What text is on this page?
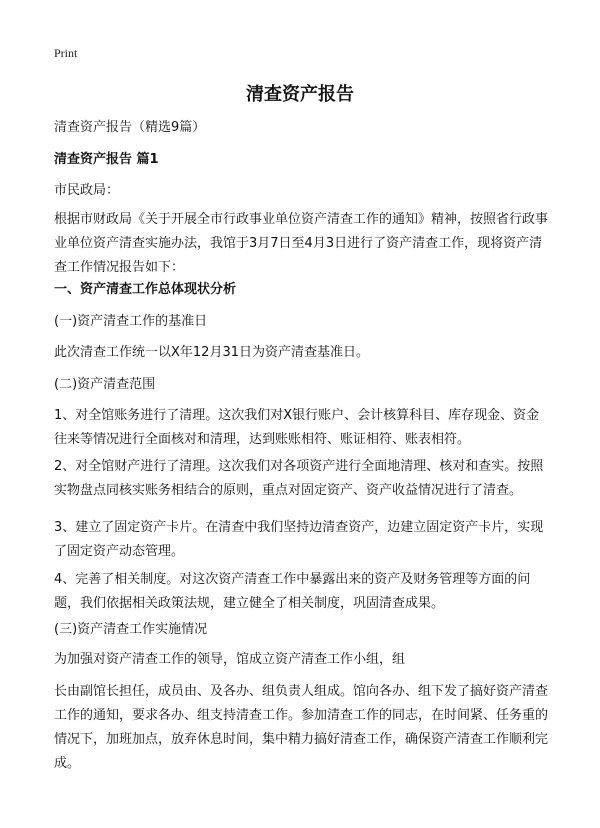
Print
清查资产报告
清查资产报告（精选9篇）
清查资产报告 篇1
市民政局：
根据市财政局《关于开展全市行政事业单位资产清查工作的通知》精神，按照省行政事业单位资产清查实施办法，我馆于3月7日至4月3日进行了资产清查工作，现将资产清查工作情况报告如下：
一、资产清查工作总体现状分析
(一)资产清查工作的基准日
此次清查工作统一以X年12月31日为资产清查基准日。
(二)资产清查范围
1、对全馆账务进行了清理。这次我们对X银行账户、会计核算科目、库存现金、资金往来等情况进行全面核对和清理，达到账账相符、账证相符、账表相符。
2、对全馆财产进行了清理。这次我们对各项资产进行全面地清理、核对和查实。按照实物盘点同核实账务相结合的原则，重点对固定资产、资产收益情况进行了清查。
3、建立了固定资产卡片。在清查中我们坚持边清查资产，边建立固定资产卡片，实现了固定资产动态管理。
4、完善了相关制度。对这次资产清查工作中暴露出来的资产及财务管理等方面的问题，我们依据相关政策法规，建立健全了相关制度，巩固清查成果。
(三)资产清查工作实施情况
为加强对资产清查工作的领导，馆成立资产清查工作小组，组
长由副馆长担任，成员由、及各办、组负责人组成。馆向各办、组下发了搞好资产清查工作的通知，要求各办、组支持清查工作。参加清查工作的同志，在时间紧、任务重的情况下，加班加点，放弃休息时间，集中精力搞好清查工作，确保资产清查工作顺利完成。
